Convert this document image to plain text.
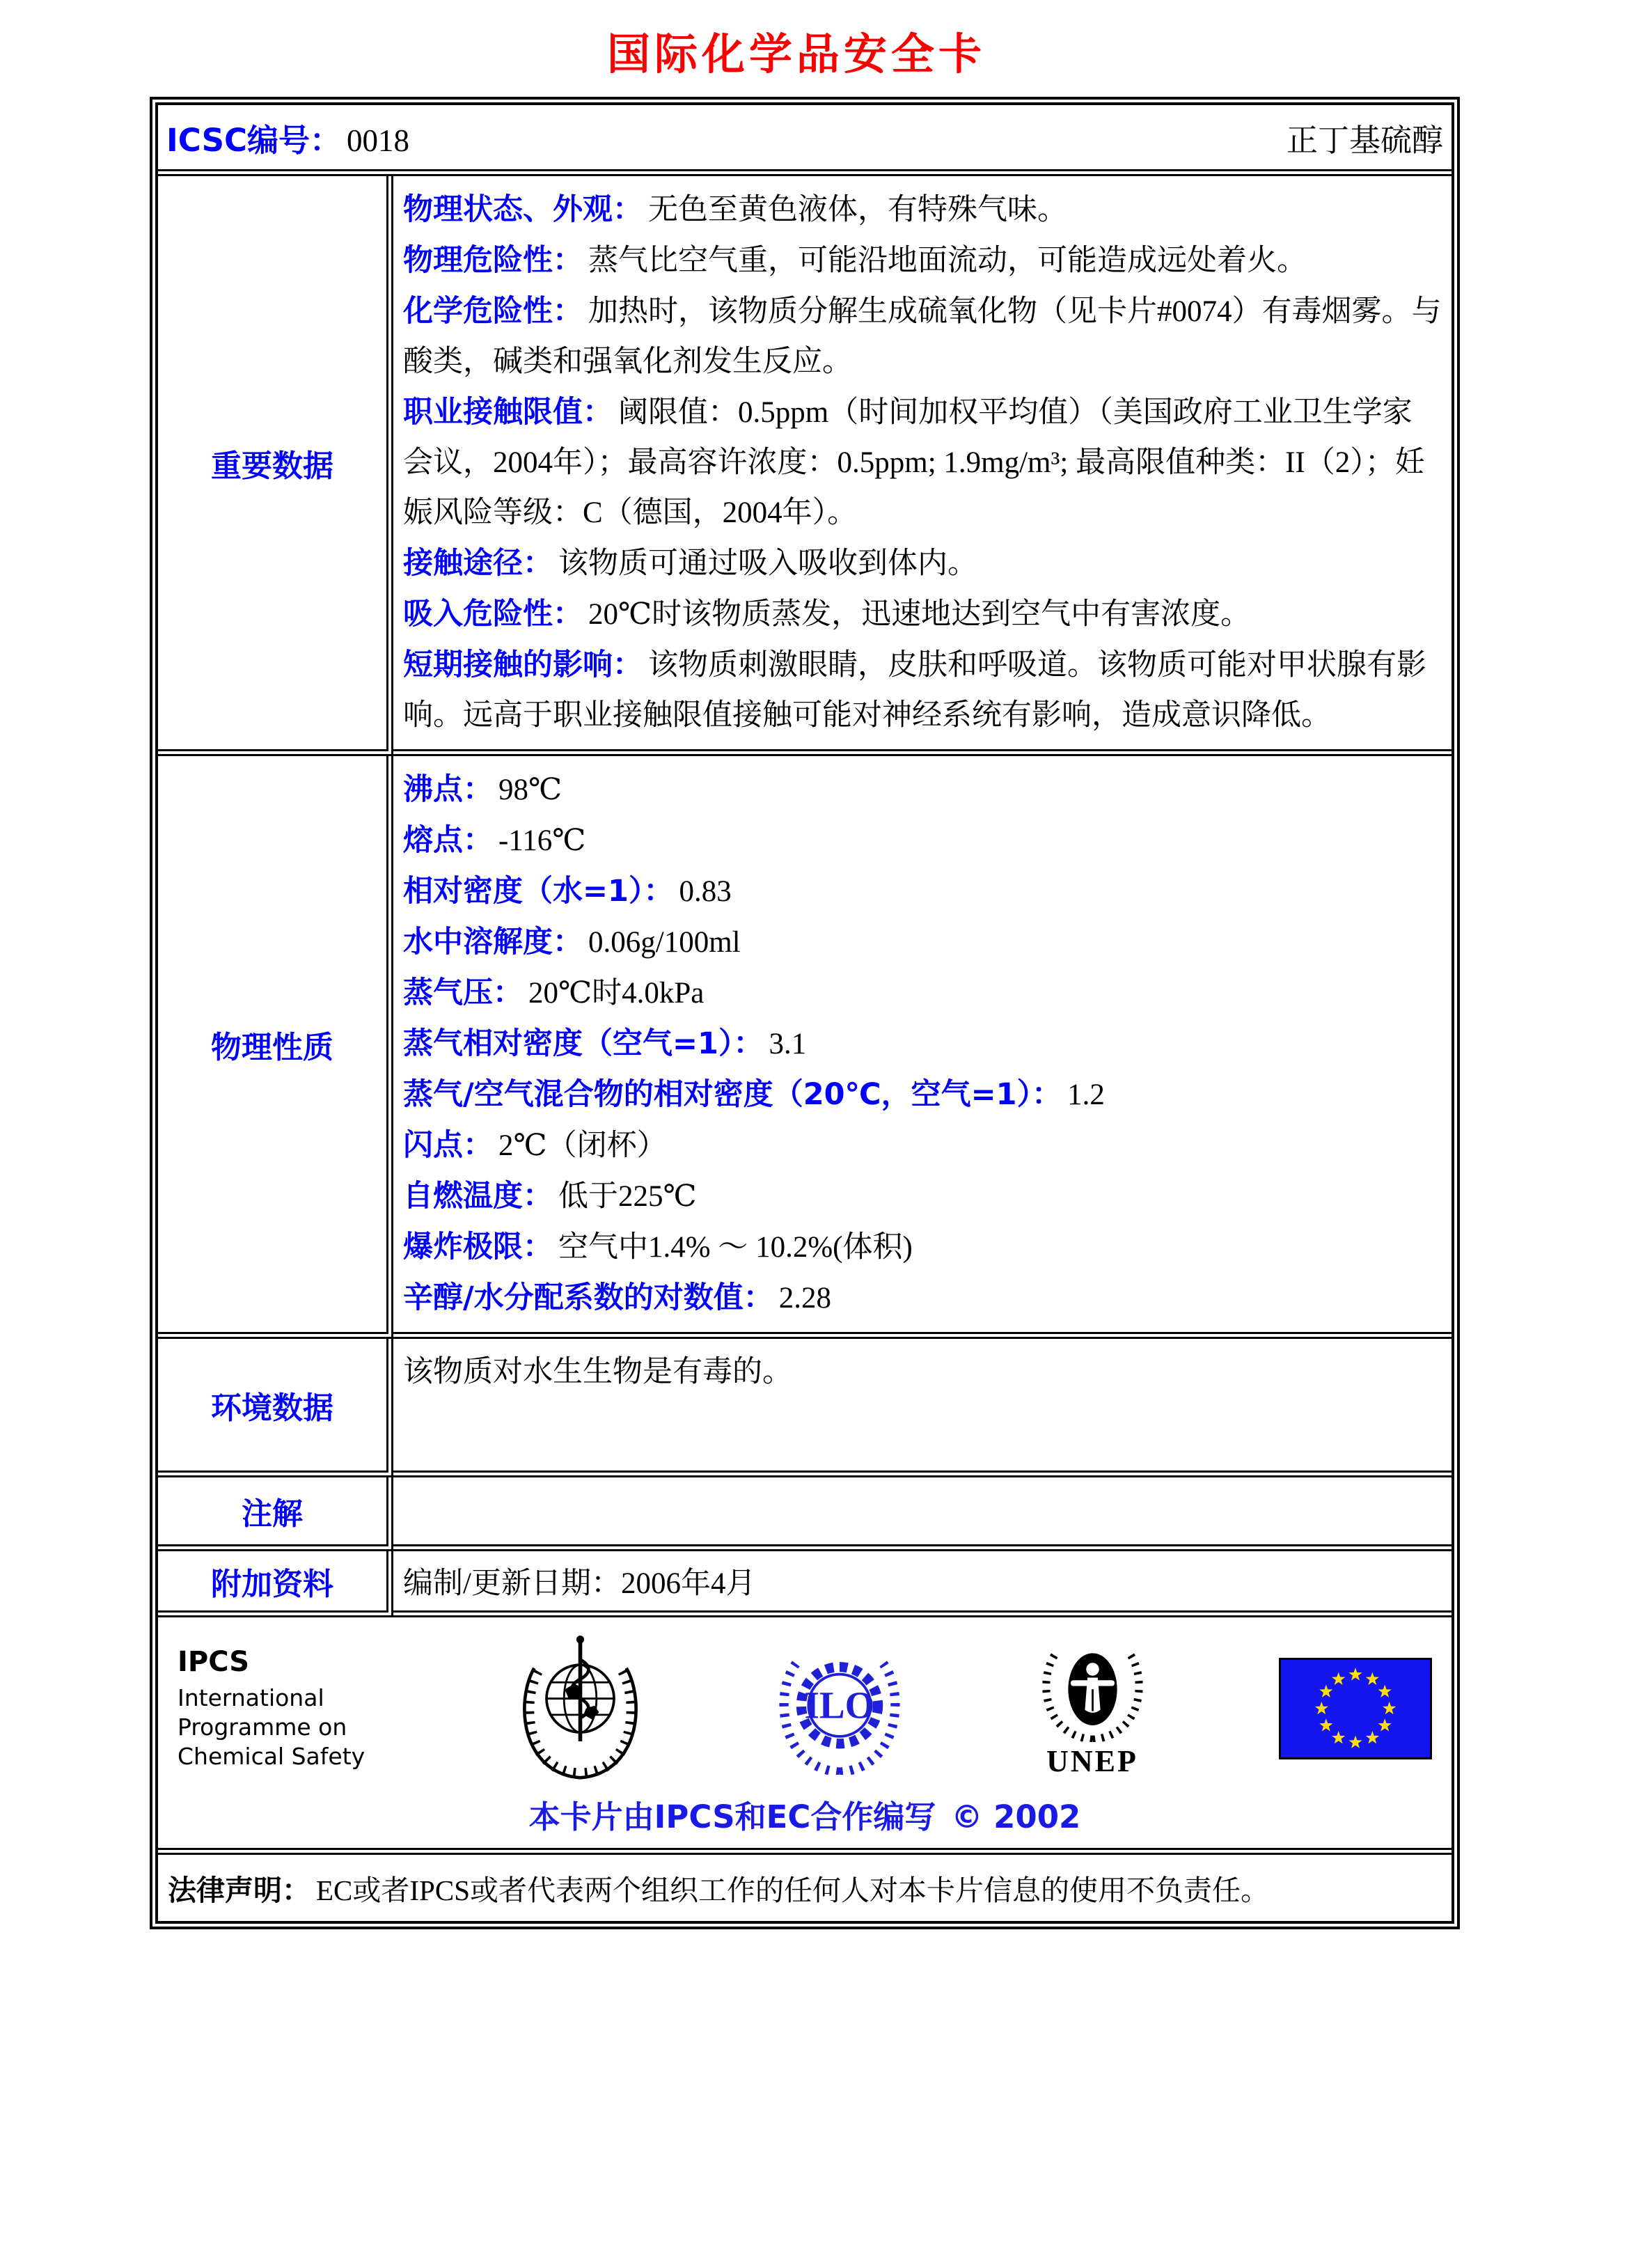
国际化学品安全卡
ICSC编号： 0018	正丁基硫醇
重要数据

物理状态、外观： 无色至黄色液体，有特殊气味。

物理危险性： 蒸气比空气重，可能沿地面流动，可能造成远处着火。

化学危险性： 加热时，该物质分解生成硫氧化物（见卡片#0074）有毒烟雾。与酸类，碱类和强氧化剂发生反应。

职业接触限值： 阈限值：0.5ppm（时间加权平均值）（美国政府工业卫生学家会议，2004年）；最高容许浓度：0.5ppm; 1.9mg/m³; 最高限值种类：II（2）；妊娠风险等级：C（德国，2004年）。

接触途径： 该物质可通过吸入吸收到体内。

吸入危险性： 20℃时该物质蒸发，迅速地达到空气中有害浓度。

短期接触的影响： 该物质刺激眼睛，皮肤和呼吸道。该物质可能对甲状腺有影响。远高于职业接触限值接触可能对神经系统有影响，造成意识降低。

物理性质

沸点： 98℃

熔点： -116℃

相对密度（水=1）： 0.83

水中溶解度： 0.06g/100ml

蒸气压： 20℃时4.0kPa

蒸气相对密度（空气=1）： 3.1

蒸气/空气混合物的相对密度（20℃，空气=1）： 1.2

闪点： 2℃（闭杯）

自燃温度： 低于225℃

爆炸极限： 空气中1.4% ～ 10.2%(体积)

辛醇/水分配系数的对数值： 2.28

环境数据

该物质对水生生物是有毒的。

注解

附加资料	编制/更新日期：2006年4月
IPCS
International
Programme on
Chemical Safety
ILO
UNEP
本卡片由IPCS和EC合作编写 © 2002
法律声明： EC或者IPCS或者代表两个组织工作的任何人对本卡片信息的使用不负责任。
